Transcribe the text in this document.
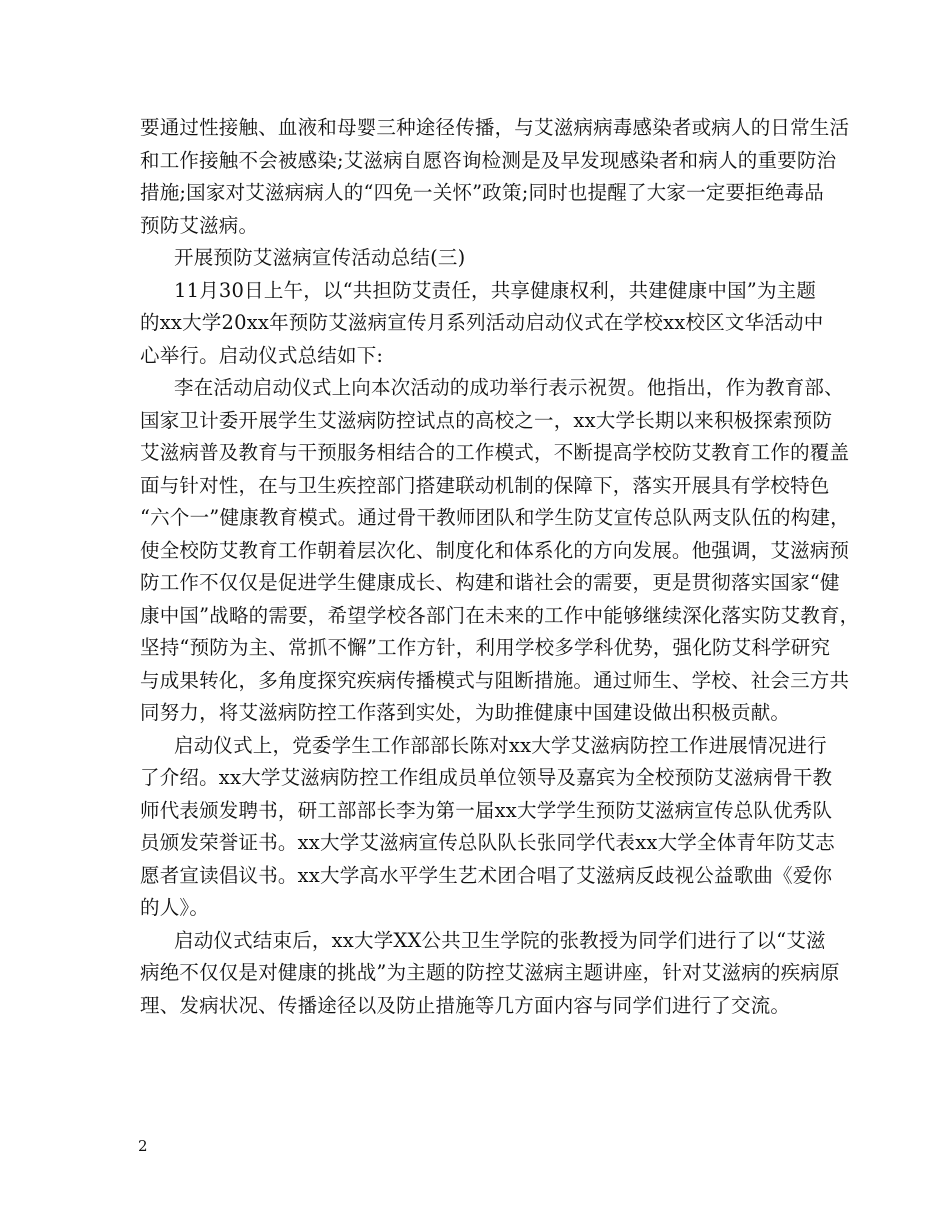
要通过性接触、血液和母婴三种途径传播，与艾滋病病毒感染者或病人的日常生活
和工作接触不会被感染;艾滋病自愿咨询检测是及早发现感染者和病人的重要防治
措施;国家对艾滋病病人的“四免一关怀”政策;同时也提醒了大家一定要拒绝毒品
预防艾滋病。
开展预防艾滋病宣传活动总结(三)
11月30日上午，以“共担防艾责任，共享健康权利，共建健康中国”为主题
的xx大学20xx年预防艾滋病宣传月系列活动启动仪式在学校xx校区文华活动中
心举行。启动仪式总结如下:
李在活动启动仪式上向本次活动的成功举行表示祝贺。他指出，作为教育部、
国家卫计委开展学生艾滋病防控试点的高校之一，xx大学长期以来积极探索预防
艾滋病普及教育与干预服务相结合的工作模式，不断提高学校防艾教育工作的覆盖
面与针对性，在与卫生疾控部门搭建联动机制的保障下，落实开展具有学校特色
“六个一”健康教育模式。通过骨干教师团队和学生防艾宣传总队两支队伍的构建，
使全校防艾教育工作朝着层次化、制度化和体系化的方向发展。他强调，艾滋病预
防工作不仅仅是促进学生健康成长、构建和谐社会的需要，更是贯彻落实国家“健
康中国”战略的需要，希望学校各部门在未来的工作中能够继续深化落实防艾教育，
坚持“预防为主、常抓不懈”工作方针，利用学校多学科优势，强化防艾科学研究
与成果转化，多角度探究疾病传播模式与阻断措施。通过师生、学校、社会三方共
同努力，将艾滋病防控工作落到实处，为助推健康中国建设做出积极贡献。
启动仪式上，党委学生工作部部长陈对xx大学艾滋病防控工作进展情况进行
了介绍。xx大学艾滋病防控工作组成员单位领导及嘉宾为全校预防艾滋病骨干教
师代表颁发聘书，研工部部长李为第一届xx大学学生预防艾滋病宣传总队优秀队
员颁发荣誉证书。xx大学艾滋病宣传总队队长张同学代表xx大学全体青年防艾志
愿者宣读倡议书。xx大学高水平学生艺术团合唱了艾滋病反歧视公益歌曲《爱你
的人》。
启动仪式结束后，xx大学XX公共卫生学院的张教授为同学们进行了以“艾滋
病绝不仅仅是对健康的挑战”为主题的防控艾滋病主题讲座，针对艾滋病的疾病原
理、发病状况、传播途径以及防止措施等几方面内容与同学们进行了交流。
2
